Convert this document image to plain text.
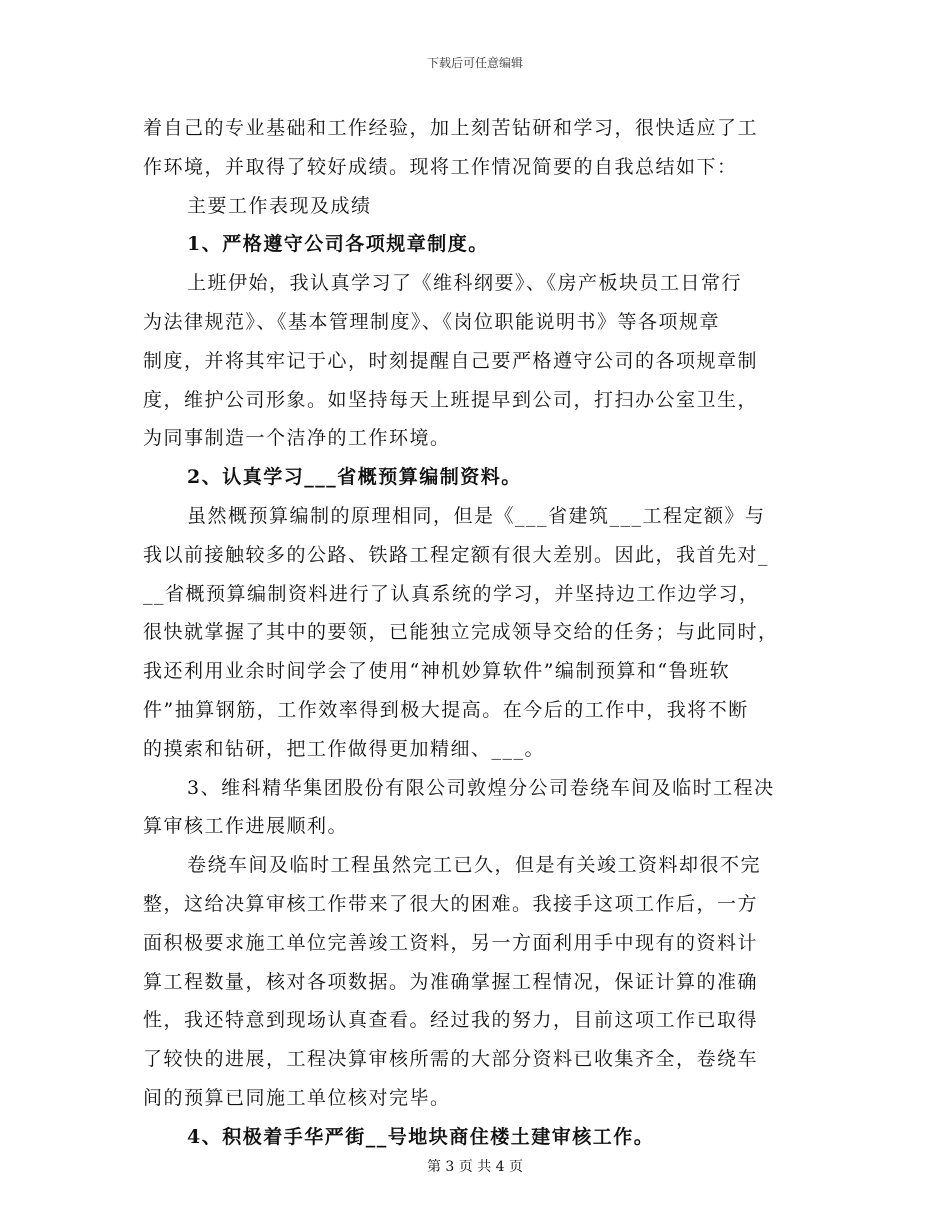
下载后可任意编辑
着自己的专业基础和工作经验，加上刻苦钻研和学习，很快适应了工
作环境，并取得了较好成绩。现将工作情况简要的自我总结如下：
主要工作表现及成绩
1、严格遵守公司各项规章制度。
上班伊始，我认真学习了《维科纲要》、《房产板块员工日常行
为法律规范》、《基本管理制度》、《岗位职能说明书》等各项规章
制度，并将其牢记于心，时刻提醒自己要严格遵守公司的各项规章制
度，维护公司形象。如坚持每天上班提早到公司，打扫办公室卫生，
为同事制造一个洁净的工作环境。
2、认真学习___省概预算编制资料。
虽然概预算编制的原理相同，但是《___省建筑___工程定额》与
我以前接触较多的公路、铁路工程定额有很大差别。因此，我首先对_
__省概预算编制资料进行了认真系统的学习，并坚持边工作边学习，
很快就掌握了其中的要领，已能独立完成领导交给的任务；与此同时，
我还利用业余时间学会了使用“神机妙算软件”编制预算和“鲁班软
件”抽算钢筋，工作效率得到极大提高。在今后的工作中，我将不断
的摸索和钻研，把工作做得更加精细、___。
3、维科精华集团股份有限公司敦煌分公司卷绕车间及临时工程决
算审核工作进展顺利。
卷绕车间及临时工程虽然完工已久，但是有关竣工资料却很不完
整，这给决算审核工作带来了很大的困难。我接手这项工作后，一方
面积极要求施工单位完善竣工资料，另一方面利用手中现有的资料计
算工程数量，核对各项数据。为准确掌握工程情况，保证计算的准确
性，我还特意到现场认真查看。经过我的努力，目前这项工作已取得
了较快的进展，工程决算审核所需的大部分资料已收集齐全，卷绕车
间的预算已同施工单位核对完毕。
4、积极着手华严街__号地块商住楼土建审核工作。
第 3 页 共 4 页
